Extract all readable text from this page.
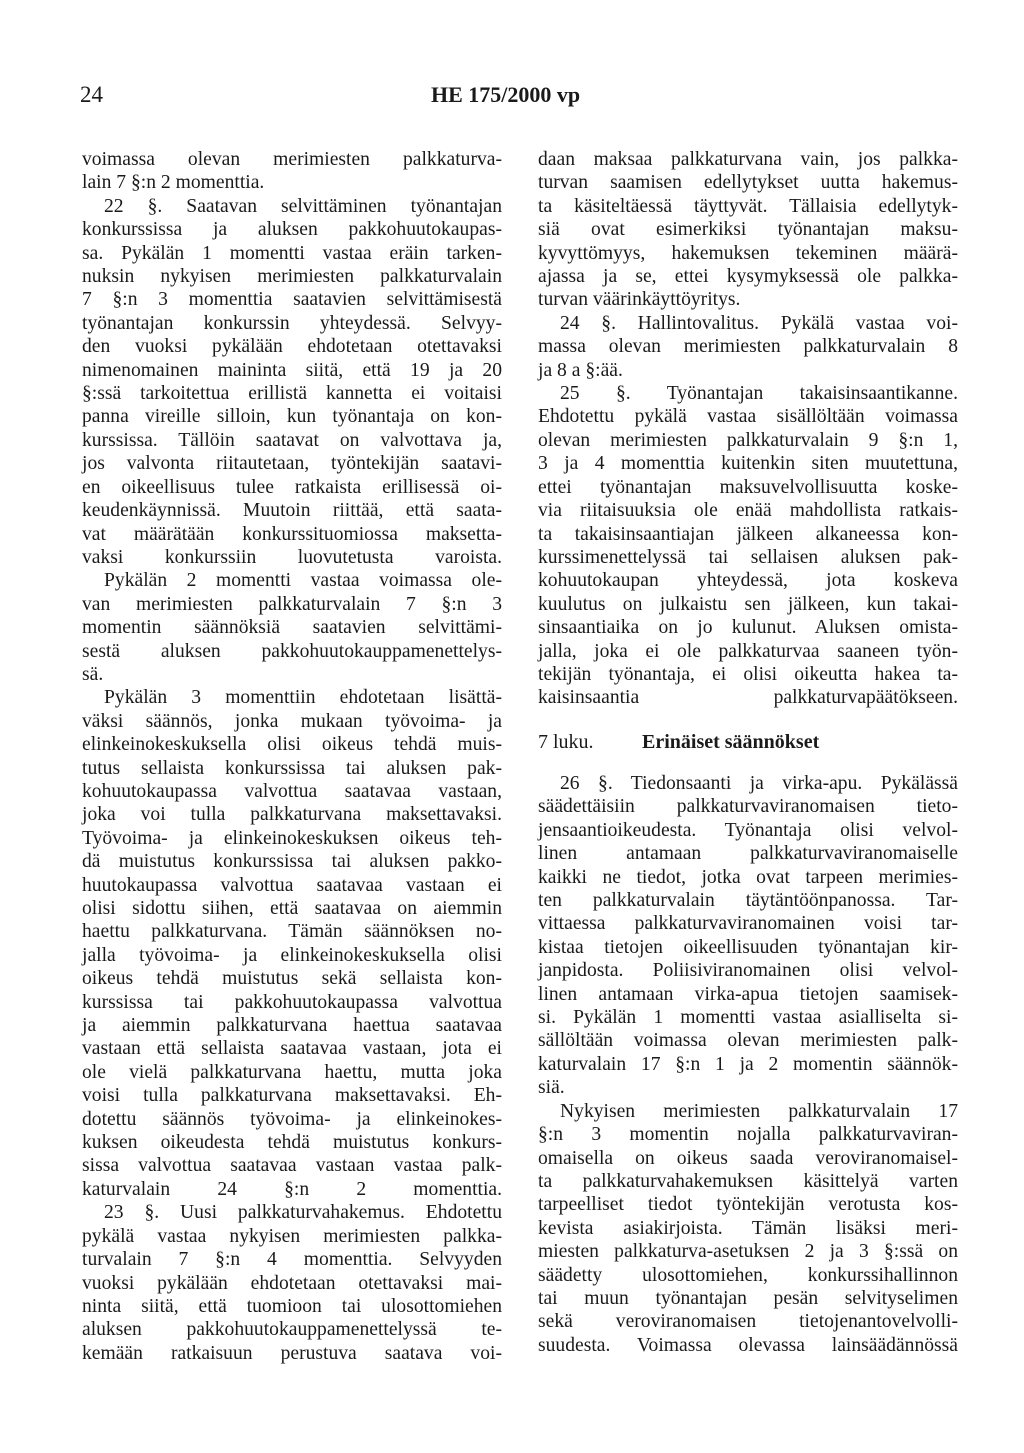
24	HE 175/2000 vp
voimassa olevan merimiesten palkkaturva-
lain 7 §:n 2 momenttia.
22 §. Saatavan selvittäminen työnantajan
konkurssissa ja aluksen pakkohuutokaupas-
sa. Pykälän 1 momentti vastaa eräin tarken-
nuksin nykyisen merimiesten palkkaturvalain
7 §:n 3 momenttia saatavien selvittämisestä
työnantajan konkurssin yhteydessä. Selvyy-
den vuoksi pykälään ehdotetaan otettavaksi
nimenomainen maininta siitä, että 19 ja 20
§:ssä tarkoitettua erillistä kannetta ei voitaisi
panna vireille silloin, kun työnantaja on kon-
kurssissa. Tällöin saatavat on valvottava ja,
jos valvonta riitautetaan, työntekijän saatavi-
en oikeellisuus tulee ratkaista erillisessä oi-
keudenkäynnissä. Muutoin riittää, että saata-
vat määrätään konkurssituomiossa maksetta-
vaksi konkurssiin luovutetusta varoista.
Pykälän 2 momentti vastaa voimassa ole-
van merimiesten palkkaturvalain 7 §:n 3
momentin säännöksiä saatavien selvittämi-
sestä aluksen pakkohuutokauppamenettelys-
sä.
Pykälän 3 momenttiin ehdotetaan lisättä-
väksi säännös, jonka mukaan työvoima- ja
elinkeinokeskuksella olisi oikeus tehdä muis-
tutus sellaista konkurssissa tai aluksen pak-
kohuutokaupassa valvottua saatavaa vastaan,
joka voi tulla palkkaturvana maksettavaksi.
Työvoima- ja elinkeinokeskuksen oikeus teh-
dä muistutus konkurssissa tai aluksen pakko-
huutokaupassa valvottua saatavaa vastaan ei
olisi sidottu siihen, että saatavaa on aiemmin
haettu palkkaturvana. Tämän säännöksen no-
jalla työvoima- ja elinkeinokeskuksella olisi
oikeus tehdä muistutus sekä sellaista kon-
kurssissa tai pakkohuutokaupassa valvottua
ja aiemmin palkkaturvana haettua saatavaa
vastaan että sellaista saatavaa vastaan, jota ei
ole vielä palkkaturvana haettu, mutta joka
voisi tulla palkkaturvana maksettavaksi. Eh-
dotettu säännös työvoima- ja elinkeinokes-
kuksen oikeudesta tehdä muistutus konkurs-
sissa valvottua saatavaa vastaan vastaa palk-
katurvalain 24 §:n 2 momenttia.
23 §. Uusi palkkaturvahakemus. Ehdotettu
pykälä vastaa nykyisen merimiesten palkka-
turvalain 7 §:n 4 momenttia. Selvyyden
vuoksi pykälään ehdotetaan otettavaksi mai-
ninta siitä, että tuomioon tai ulosottomiehen
aluksen pakkohuutokauppamenettelyssä te-
kemään ratkaisuun perustuva saatava voi-
daan maksaa palkkaturvana vain, jos palkka-
turvan saamisen edellytykset uutta hakemus-
ta käsiteltäessä täyttyvät. Tällaisia edellytyk-
siä ovat esimerkiksi työnantajan maksu-
kyvyttömyys, hakemuksen tekeminen määrä-
ajassa ja se, ettei kysymyksessä ole palkka-
turvan väärinkäyttöyritys.
24 §. Hallintovalitus. Pykälä vastaa voi-
massa olevan merimiesten palkkaturvalain 8
ja 8 a §:ää.
25 §. Työnantajan takaisinsaantikanne.
Ehdotettu pykälä vastaa sisällöltään voimassa
olevan merimiesten palkkaturvalain 9 §:n 1,
3 ja 4 momenttia kuitenkin siten muutettuna,
ettei työnantajan maksuvelvollisuutta koske-
via riitaisuuksia ole enää mahdollista ratkais-
ta takaisinsaantiajan jälkeen alkaneessa kon-
kurssimenettelyssä tai sellaisen aluksen pak-
kohuutokaupan yhteydessä, jota koskeva
kuulutus on julkaistu sen jälkeen, kun takai-
sinsaantiaika on jo kulunut. Aluksen omista-
jalla, joka ei ole palkkaturvaa saaneen työn-
tekijän työnantaja, ei olisi oikeutta hakea ta-
kaisinsaantia palkkaturvapäätökseen.
7 luku. Erinäiset säännökset
26 §. Tiedonsaanti ja virka-apu. Pykälässä
säädettäisiin palkkaturvaviranomaisen tieto-
jensaantioikeudesta. Työnantaja olisi velvol-
linen antamaan palkkaturvaviranomaiselle
kaikki ne tiedot, jotka ovat tarpeen merimies-
ten palkkaturvalain täytäntöönpanossa. Tar-
vittaessa palkkaturvaviranomainen voisi tar-
kistaa tietojen oikeellisuuden työnantajan kir-
janpidosta. Poliisiviranomainen olisi velvol-
linen antamaan virka-apua tietojen saamisek-
si. Pykälän 1 momentti vastaa asialliselta si-
sällöltään voimassa olevan merimiesten palk-
katurvalain 17 §:n 1 ja 2 momentin säännök-
siä.
Nykyisen merimiesten palkkaturvalain 17
§:n 3 momentin nojalla palkkaturvaviran-
omaisella on oikeus saada veroviranomaisel-
ta palkkaturvahakemuksen käsittelyä varten
tarpeelliset tiedot työntekijän verotusta kos-
kevista asiakirjoista. Tämän lisäksi meri-
miesten palkkaturva-asetuksen 2 ja 3 §:ssä on
säädetty ulosottomiehen, konkurssihallinnon
tai muun työnantajan pesän selvityselimen
sekä veroviranomaisen tietojenantovelvolli-
suudesta. Voimassa olevassa lainsäädännössä
